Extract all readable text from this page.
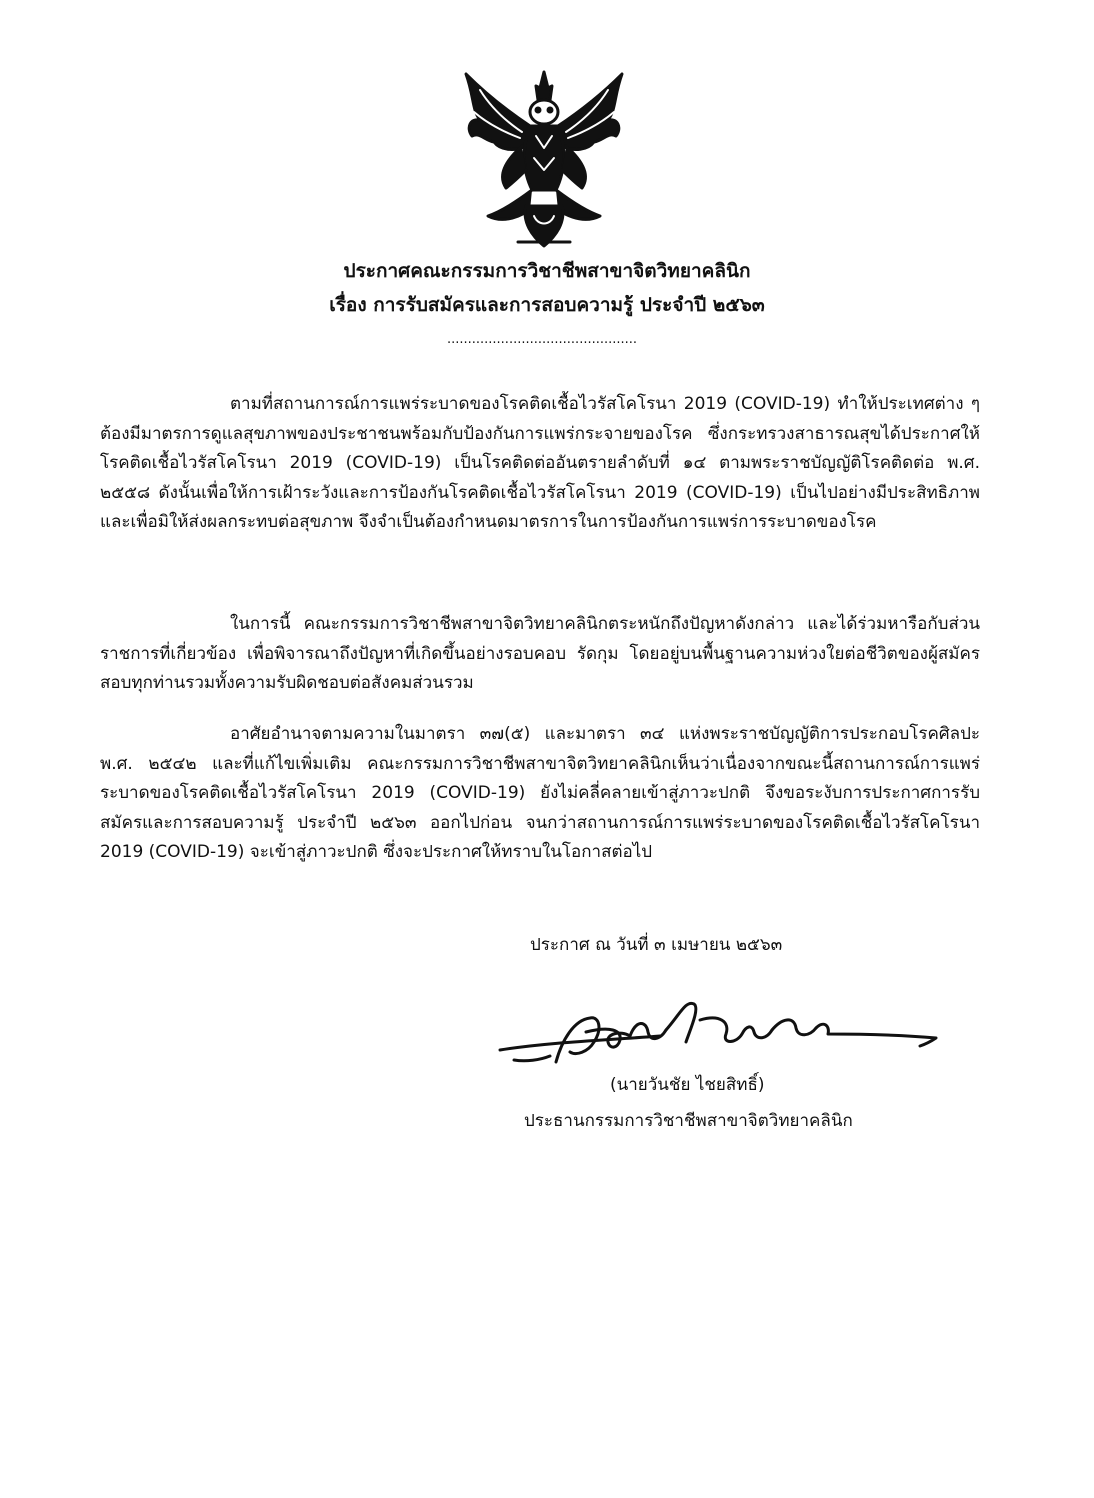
ประกาศคณะกรรมการวิชาชีพสาขาจิตวิทยาคลินิก
เรื่อง การรับสมัครและการสอบความรู้ ประจำปี ๒๕๖๓
..............................................

ตามที่สถานการณ์การแพร่ระบาดของโรคติดเชื้อไวรัสโคโรนา 2019 (COVID-19) ทำให้ประเทศต่าง ๆ ต้องมีมาตรการดูแลสุขภาพของประชาชนพร้อมกับป้องกันการแพร่กระจายของโรค ซึ่งกระทรวงสาธารณสุขได้ประกาศให้โรคติดเชื้อไวรัสโคโรนา 2019 (COVID-19) เป็นโรคติดต่ออันตรายลำดับที่ ๑๔ ตามพระราชบัญญัติโรคติดต่อ พ.ศ. ๒๕๕๘ ดังนั้นเพื่อให้การเฝ้าระวังและการป้องกันโรคติดเชื้อไวรัสโคโรนา 2019 (COVID-19) เป็นไปอย่างมีประสิทธิภาพและเพื่อมิให้ส่งผลกระทบต่อสุขภาพ จึงจำเป็นต้องกำหนดมาตรการในการป้องกันการแพร่การระบาดของโรค

ในการนี้ คณะกรรมการวิชาชีพสาขาจิตวิทยาคลินิกตระหนักถึงปัญหาดังกล่าว และได้ร่วมหารือกับส่วนราชการที่เกี่ยวข้อง เพื่อพิจารณาถึงปัญหาที่เกิดขึ้นอย่างรอบคอบ รัดกุม โดยอยู่บนพื้นฐานความห่วงใยต่อชีวิตของผู้สมัครสอบทุกท่านรวมทั้งความรับผิดชอบต่อสังคมส่วนรวม

อาศัยอำนาจตามความในมาตรา ๓๗(๕) และมาตรา ๓๔ แห่งพระราชบัญญัติการประกอบโรคศิลปะ พ.ศ. ๒๕๔๒ และที่แก้ไขเพิ่มเติม คณะกรรมการวิชาชีพสาขาจิตวิทยาคลินิกเห็นว่าเนื่องจากขณะนี้สถานการณ์การแพร่ระบาดของโรคติดเชื้อไวรัสโคโรนา 2019 (COVID-19) ยังไม่คลี่คลายเข้าสู่ภาวะปกติ จึงขอระงับการประกาศการรับสมัครและการสอบความรู้ ประจำปี ๒๕๖๓ ออกไปก่อน จนกว่าสถานการณ์การแพร่ระบาดของโรคติดเชื้อไวรัสโคโรนา 2019 (COVID-19) จะเข้าสู่ภาวะปกติ ซึ่งจะประกาศให้ทราบในโอกาสต่อไป

ประกาศ ณ วันที่ ๓ เมษายน ๒๕๖๓
(นายวันชัย ไชยสิทธิ์)
ประธานกรรมการวิชาชีพสาขาจิตวิทยาคลินิก
